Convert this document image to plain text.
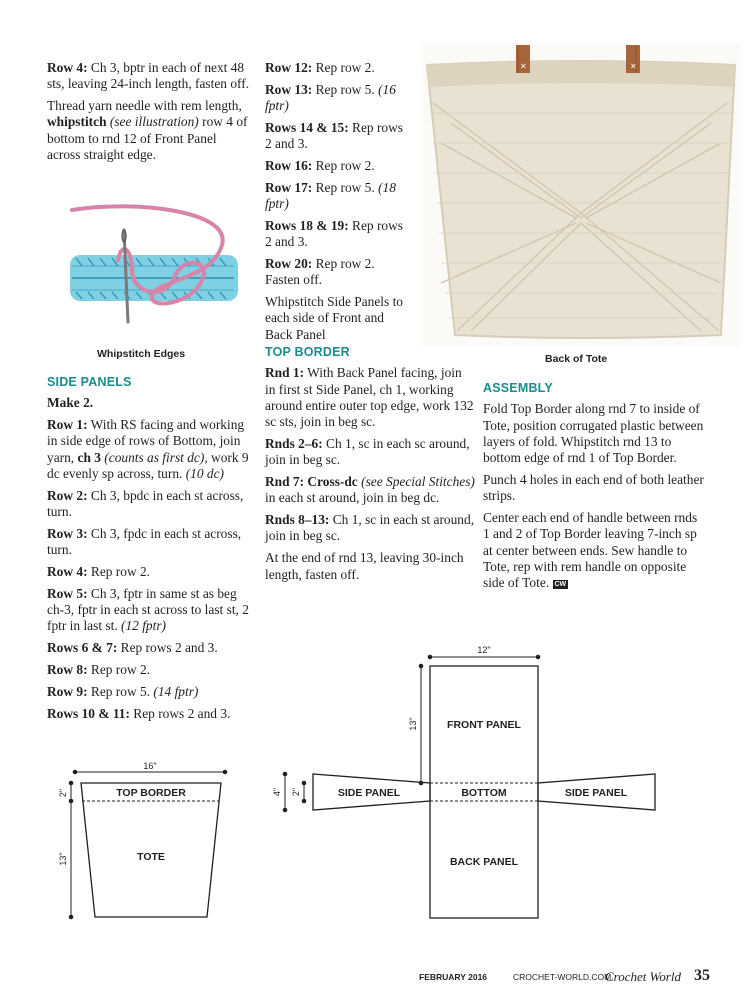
Row 4: Ch 3, bptr in each of next 48 sts, leaving 24-inch length, fasten off.

Thread yarn needle with rem length, whipstitch (see illustration) row 4 of bottom to rnd 12 of Front Panel across straight edge.

Whipstitch Edges
SIDE PANELS

Make 2.

Row 1: With RS facing and working in side edge of rows of Bottom, join yarn, ch 3 (counts as first dc), work 9 dc evenly sp across, turn. (10 dc)

Row 2: Ch 3, bpdc in each st across, turn.

Row 3: Ch 3, fpdc in each st across, turn.

Row 4: Rep row 2.

Row 5: Ch 3, fptr in same st as beg ch-3, fptr in each st across to last st, 2 fptr in last st. (12 fptr)

Rows 6 & 7: Rep rows 2 and 3.

Row 8: Rep row 2.

Row 9: Rep row 5. (14 fptr)

Rows 10 & 11: Rep rows 2 and 3.

Row 12: Rep row 2.

Row 13: Rep row 5. (16 fptr)

Rows 14 & 15: Rep rows 2 and 3.

Row 16: Rep row 2.

Row 17: Rep row 5. (18 fptr)

Rows 18 & 19: Rep rows 2 and 3.

Row 20: Rep row 2. Fasten off.

Whipstitch Side Panels to each side of Front and Back Panel

TOP BORDER

Rnd 1: With Back Panel facing, join in first st Side Panel, ch 1, working around entire outer top edge, work 132 sc sts, join in beg sc.

Rnds 2–6: Ch 1, sc in each sc around, join in beg sc.

Rnd 7: Cross-dc (see Special Stitches) in each st around, join in beg dc.

Rnds 8–13: Ch 1, sc in each st around, join in beg sc.

At the end of rnd 13, leaving 30-inch length, fasten off.

✕	✕
Back of Tote
ASSEMBLY

Fold Top Border along rnd 7 to inside of Tote, position corrugated plastic between layers of fold. Whipstitch rnd 13 to bottom edge of rnd 1 of Top Border.

Punch 4 holes in each end of both leather strips.

Center each end of handle between rnds 1 and 2 of Top Border leaving 7-inch sp at center between ends. Sew handle to Tote, rep with rem handle on opposite side of Tote. CW

16"
2"
13"
TOP BORDER
TOTE
12"
13"
4" 2"
FRONT PANEL
SIDE PANEL	BOTTOM	SIDE PANEL
BACK PANEL
FEBRUARY 2016	CROCHET-WORLD.COM
Crochet World 35
